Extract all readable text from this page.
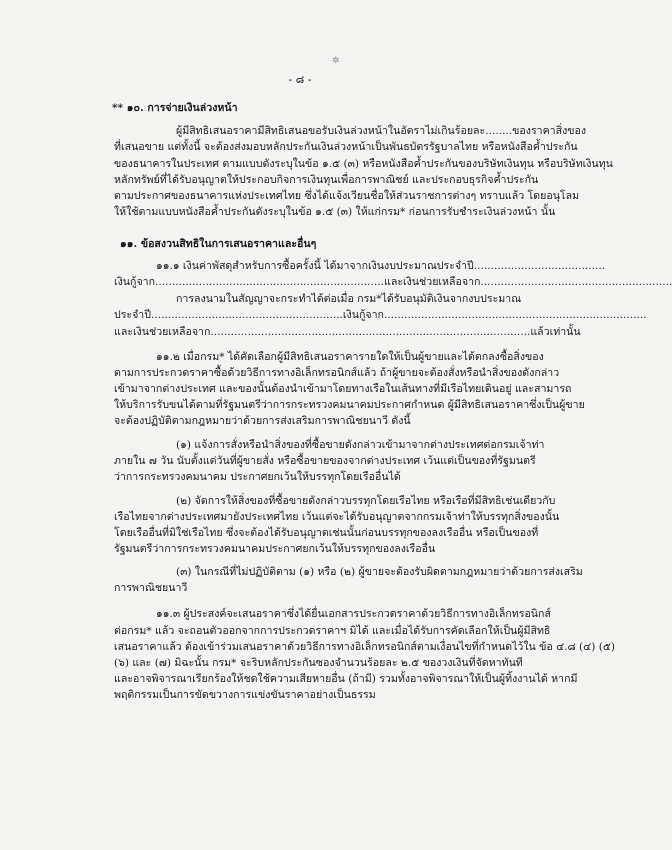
✲
- ๘ -
** ๑๐. การจ่ายเงินล่วงหน้า
ผู้มีสิทธิเสนอราคามีสิทธิเสนอขอรับเงินล่วงหน้าในอัตราไม่เกินร้อยละ........ของราคาสิ่งของ
ที่เสนอขาย แต่ทั้งนี้ จะต้องส่งมอบหลักประกันเงินล่วงหน้าเป็นพันธบัตรรัฐบาลไทย หรือหนังสือค้ำประกัน
ของธนาคารในประเทศ ตามแบบดังระบุในข้อ ๑.๕ (๓) หรือหนังสือค้ำประกันของบริษัทเงินทุน หรือบริษัทเงินทุน
หลักทรัพย์ที่ได้รับอนุญาตให้ประกอบกิจการเงินทุนเพื่อการพาณิชย์ และประกอบธุรกิจค้ำประกัน
ตามประกาศของธนาคารแห่งประเทศไทย ซึ่งได้แจ้งเวียนชื่อให้ส่วนราชการต่างๆ ทราบแล้ว โดยอนุโลม
ให้ใช้ตามแบบหนังสือค้ำประกันดังระบุในข้อ ๑.๕ (๓) ให้แก่กรม* ก่อนการรับชำระเงินล่วงหน้า นั้น
๑๑. ข้อสงวนสิทธิในการเสนอราคาและอื่นๆ
๑๑.๑ เงินค่าพัสดุสำหรับการซื้อครั้งนี้ ได้มาจากเงินงบประมาณประจำปี.......................................
เงินกู้จาก....................................................................และเงินช่วยเหลือจาก.........................................................
การลงนามในสัญญาจะกระทำได้ต่อเมื่อ กรม*ได้รับอนุมัติเงินจากงบประมาณ
ประจำปี.........................................................เงินกู้จาก..............................................................................
และเงินช่วยเหลือจาก...............................................................................................แล้วเท่านั้น
๑๑.๒ เมื่อกรม* ได้คัดเลือกผู้มีสิทธิเสนอราคารายใดให้เป็นผู้ขายและได้ตกลงซื้อสิ่งของ
ตามการประกวดราคาซื้อด้วยวิธีการทางอิเล็กทรอนิกส์แล้ว ถ้าผู้ขายจะต้องสั่งหรือนำสิ่งของดังกล่าว
เข้ามาจากต่างประเทศ และของนั้นต้องนำเข้ามาโดยทางเรือในเส้นทางที่มีเรือไทยเดินอยู่ และสามารถ
ให้บริการรับขนได้ตามที่รัฐมนตรีว่าการกระทรวงคมนาคมประกาศกำหนด ผู้มีสิทธิเสนอราคาซึ่งเป็นผู้ขาย
จะต้องปฏิบัติตามกฎหมายว่าด้วยการส่งเสริมการพาณิชยนาวี ดังนี้
(๑) แจ้งการสั่งหรือนำสิ่งของที่ซื้อขายดังกล่าวเข้ามาจากต่างประเทศต่อกรมเจ้าท่า
ภายใน ๗ วัน นับตั้งแต่วันที่ผู้ขายสั่ง หรือซื้อขายของจากต่างประเทศ เว้นแต่เป็นของที่รัฐมนตรี
ว่าการกระทรวงคมนาคม ประกาศยกเว้นให้บรรทุกโดยเรืออื่นได้
(๒) จัดการให้สิ่งของที่ซื้อขายดังกล่าวบรรทุกโดยเรือไทย หรือเรือที่มีสิทธิเช่นเดียวกับ
เรือไทยจากต่างประเทศมายังประเทศไทย เว้นแต่จะได้รับอนุญาตจากกรมเจ้าท่าให้บรรทุกสิ่งของนั้น
โดยเรืออื่นที่มิใช่เรือไทย ซึ่งจะต้องได้รับอนุญาตเช่นนั้นก่อนบรรทุกของลงเรืออื่น หรือเป็นของที่
รัฐมนตรีว่าการกระทรวงคมนาคมประกาศยกเว้นให้บรรทุกของลงเรืออื่น
(๓) ในกรณีที่ไม่ปฏิบัติตาม (๑) หรือ (๒) ผู้ขายจะต้องรับผิดตามกฎหมายว่าด้วยการส่งเสริม
การพาณิชยนาวี
๑๑.๓ ผู้ประสงค์จะเสนอราคาซึ่งได้ยื่นเอกสารประกวดราคาด้วยวิธีการทางอิเล็กทรอนิกส์
ต่อกรม* แล้ว จะถอนตัวออกจากการประกวดราคาฯ มิได้ และเมื่อได้รับการคัดเลือกให้เป็นผู้มีสิทธิ
เสนอราคาแล้ว ต้องเข้าร่วมเสนอราคาด้วยวิธีการทางอิเล็กทรอนิกส์ตามเงื่อนไขที่กำหนดไว้ใน ข้อ ๔.๘ (๔) (๕)
(๖) และ (๗) มิฉะนั้น กรม* จะริบหลักประกันซองจำนวนร้อยละ ๒.๕ ของวงเงินที่จัดหาทันที
และอาจพิจารณาเรียกร้องให้ชดใช้ความเสียหายอื่น (ถ้ามี) รวมทั้งอาจพิจารณาให้เป็นผู้ทิ้งงานได้ หากมี
พฤติกรรมเป็นการขัดขวางการแข่งขันราคาอย่างเป็นธรรม
